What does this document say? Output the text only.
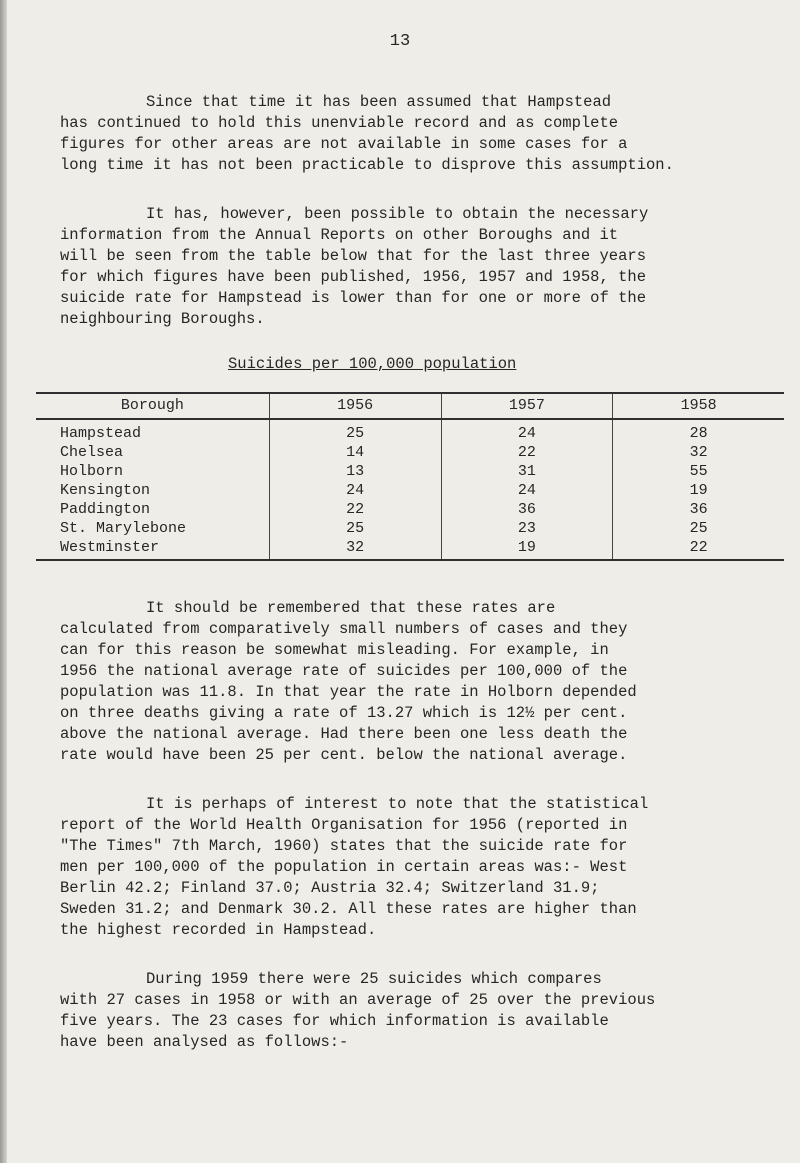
13

Since that time it has been assumed that Hampstead
has continued to hold this unenviable record and as complete
figures for other areas are not available in some cases for a
long time it has not been practicable to disprove this assumption.

It has, however, been possible to obtain the necessary
information from the Annual Reports on other Boroughs and it
will be seen from the table below that for the last three years
for which figures have been published, 1956, 1957 and 1958, the
suicide rate for Hampstead is lower than for one or more of the
neighbouring Boroughs.

Suicides per 100,000 population

Borough	1956	1957	1958
Hampstead	25	24	28
Chelsea	14	22	32
Holborn	13	31	55
Kensington	24	24	19
Paddington	22	36	36
St. Marylebone	25	23	25
Westminster	32	19	22

It should be remembered that these rates are
calculated from comparatively small numbers of cases and they
can for this reason be somewhat misleading. For example, in
1956 the national average rate of suicides per 100,000 of the
population was 11.8. In that year the rate in Holborn depended
on three deaths giving a rate of 13.27 which is 12½ per cent.
above the national average. Had there been one less death the
rate would have been 25 per cent. below the national average.

It is perhaps of interest to note that the statistical
report of the World Health Organisation for 1956 (reported in
"The Times" 7th March, 1960) states that the suicide rate for
men per 100,000 of the population in certain areas was:- West
Berlin 42.2; Finland 37.0; Austria 32.4; Switzerland 31.9;
Sweden 31.2; and Denmark 30.2. All these rates are higher than
the highest recorded in Hampstead.

During 1959 there were 25 suicides which compares
with 27 cases in 1958 or with an average of 25 over the previous
five years. The 23 cases for which information is available
have been analysed as follows:-
